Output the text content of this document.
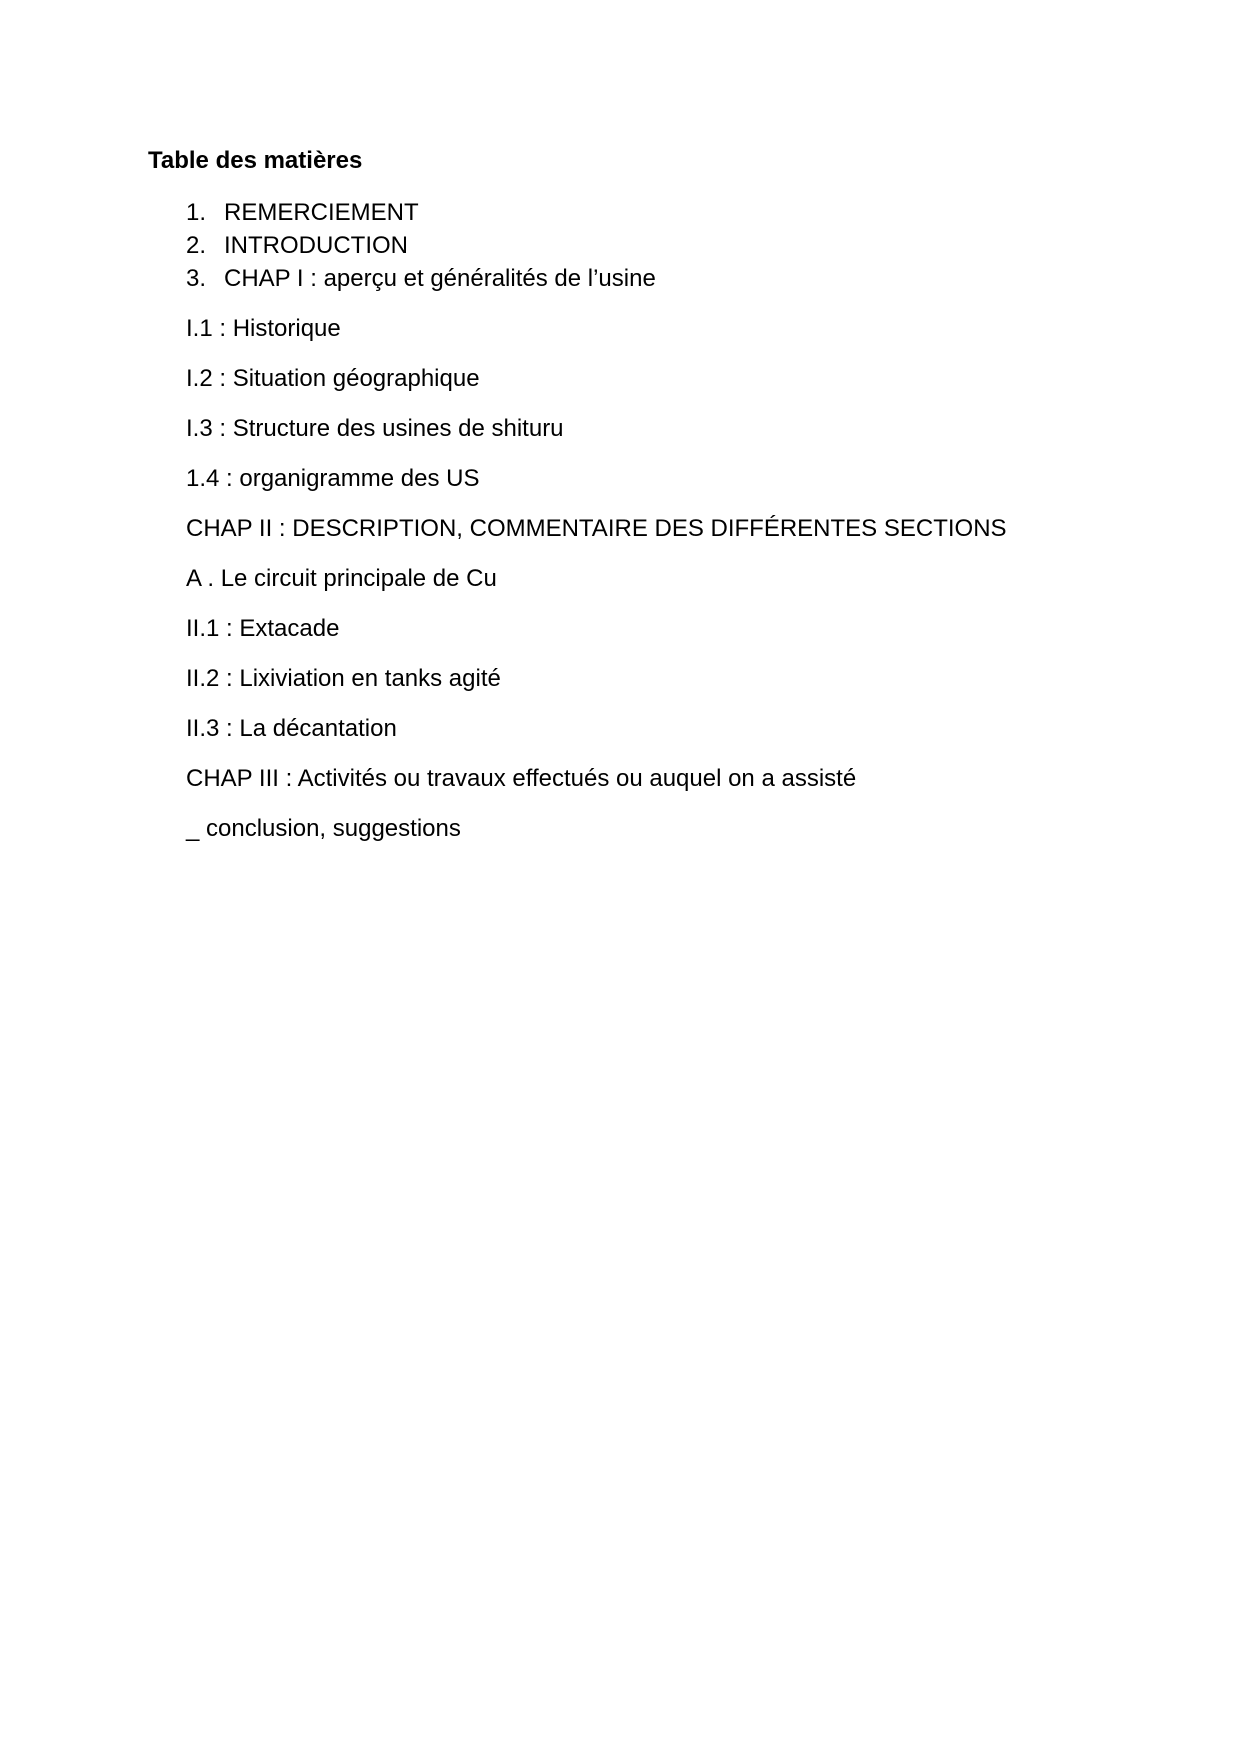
Table des matières
1. REMERCIEMENT
2. INTRODUCTION
3. CHAP I : aperçu et généralités de l’usine

I.1 : Historique

I.2 : Situation géographique

I.3 : Structure des usines de shituru

1.4 : organigramme des US

CHAP II : DESCRIPTION, COMMENTAIRE DES DIFFÉRENTES SECTIONS

A . Le circuit principale de Cu

II.1 : Extacade

II.2 : Lixiviation en tanks agité

II.3 : La décantation

CHAP III : Activités ou travaux effectués ou auquel on a assisté

_ conclusion, suggestions
